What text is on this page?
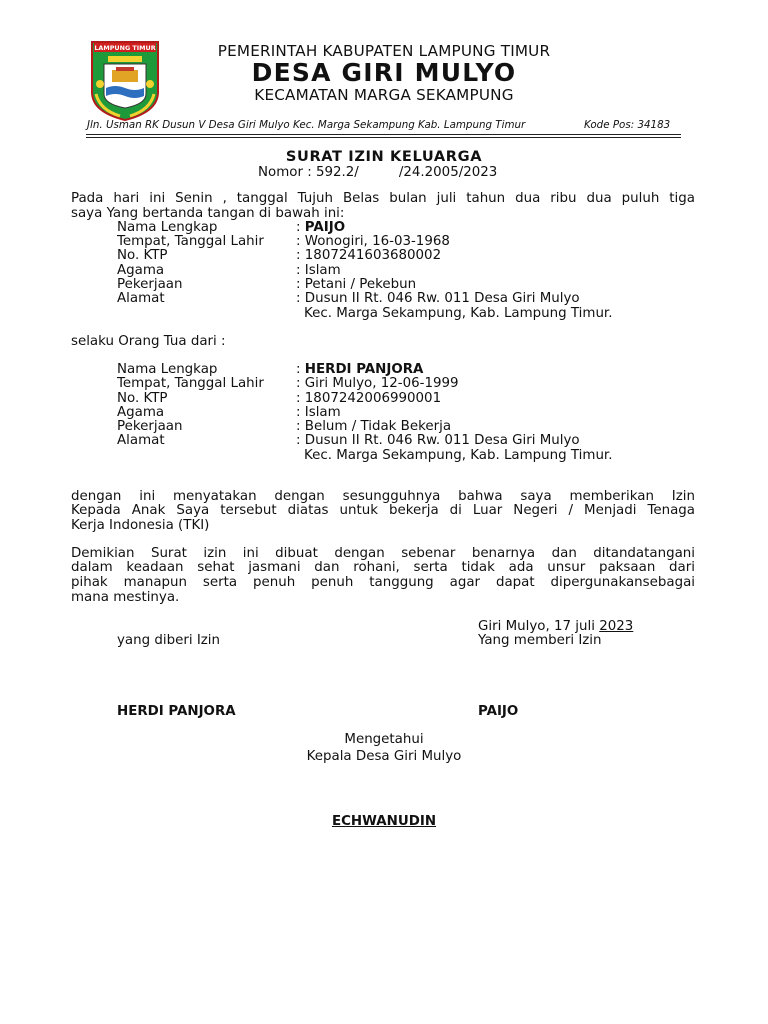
LAMPUNG TIMUR	PEMERINTAH KABUPATEN LAMPUNG TIMUR
DESA GIRI MULYO
KECAMATAN MARGA SEKAMPUNG
Jln. Usman RK Dusun V Desa Giri Mulyo Kec. Marga Sekampung Kab. Lampung Timur	Kode Pos: 34183
SURAT IZIN KELUARGA
Nomor : 592.2/	/24.2005/2023

Pada hari ini Senin , tanggal Tujuh Belas bulan juli tahun dua ribu dua puluh tiga

saya Yang bertanda tangan di bawah ini:
Nama Lengkap	: PAIJO
Tempat, Tanggal Lahir : Wonogiri, 16-03-1968
No. KTP	: 1807241603680002
Agama	: Islam
Pekerjaan	: Petani / Pekebun
Alamat	: Dusun II Rt. 046 Rw. 011 Desa Giri Mulyo
Kec. Marga Sekampung, Kab. Lampung Timur.
selaku Orang Tua dari :
Nama Lengkap	: HERDI PANJORA
Tempat, Tanggal Lahir : Giri Mulyo, 12-06-1999
No. KTP	: 1807242006990001
Agama	: Islam
Pekerjaan	: Belum / Tidak Bekerja
Alamat	: Dusun II Rt. 046 Rw. 011 Desa Giri Mulyo
Kec. Marga Sekampung, Kab. Lampung Timur.

dengan ini menyatakan dengan sesungguhnya bahwa saya memberikan Izin

Kepada Anak Saya tersebut diatas untuk bekerja di Luar Negeri / Menjadi Tenaga

Kerja Indonesia (TKI)

Demikian Surat izin ini dibuat dengan sebenar benarnya dan ditandatangani

dalam keadaan sehat jasmani dan rohani, serta tidak ada unsur paksaan dari

pihak manapun serta penuh penuh tanggung agar dapat dipergunakansebagai

mana mestinya.
Giri Mulyo, 17 juli 2023
yang diberi Izin	Yang memberi Izin
HERDI PANJORA	PAIJO
Mengetahui
Kepala Desa Giri Mulyo
ECHWANUDIN
